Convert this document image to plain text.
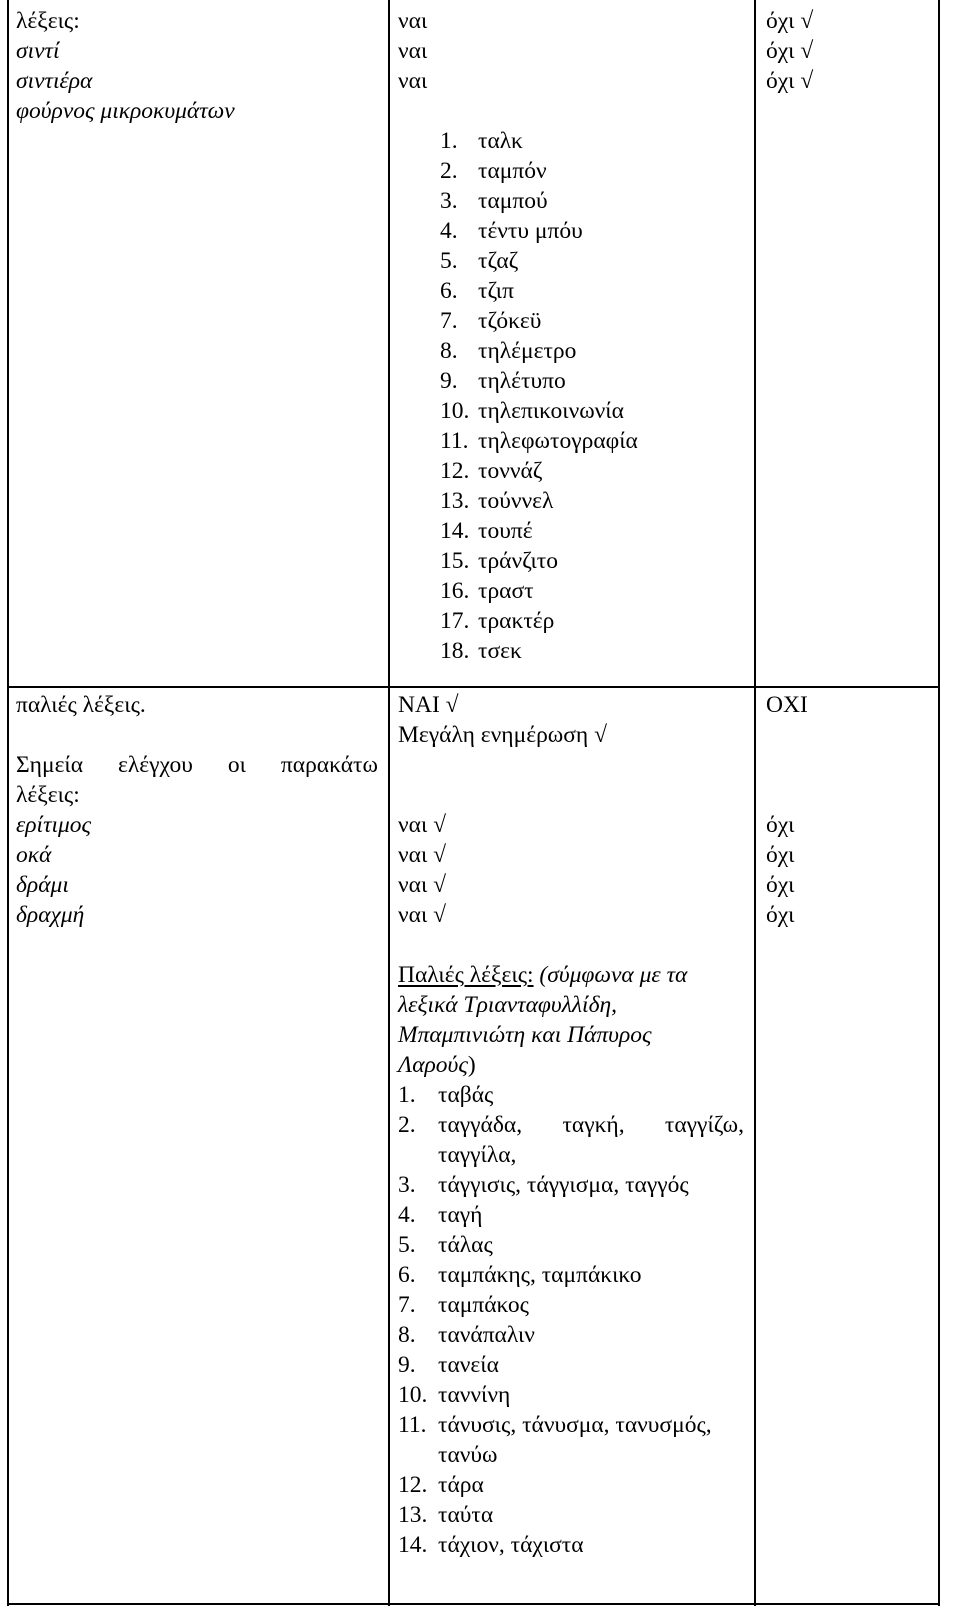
λέξεις:
σιντί
σιντιέρα
φούρνος μικροκυμάτων
ναι
ναι
ναι
1. ταλκ
2. ταμπόν
3. ταμπού
4. τέντυ μπόυ
5. τζαζ
6. τζιπ
7. τζόκεϋ
8. τηλέμετρο
9. τηλέτυπο
10. τηλεπικοινωνία
11. τηλεφωτογραφία
12. τοννάζ
13. τούννελ
14. τουπέ
15. τράνζιτο
16. τραστ
17. τρακτέρ
18. τσεκ
όχι √
όχι √
όχι √
παλιές λέξεις.
Σημεία ελέγχου οι παρακάτω
λέξεις:
ερίτιμος
οκά
δράμι
δραχμή
ΝΑΙ √
Μεγάλη ενημέρωση √
ναι √
ναι √
ναι √
ναι √
Παλιές λέξεις: (σύμφωνα με τα
λεξικά Τριανταφυλλίδη,
Μπαμπινιώτη και Πάπυρος
Λαρούς)
1. ταβάς
2. ταγγάδα, ταγκή, ταγγίζω,
ταγγίλα,
3. τάγγισις, τάγγισμα, ταγγός
4. ταγή
5. τάλας
6. ταμπάκης, ταμπάκικο
7. ταμπάκος
8. τανάπαλιν
9. τανεία
10. ταννίνη
11. τάνυσις, τάνυσμα, τανυσμός,
τανύω
12. τάρα
13. ταύτα
14. τάχιον, τάχιστα
ΟΧΙ
όχι
όχι
όχι
όχι
